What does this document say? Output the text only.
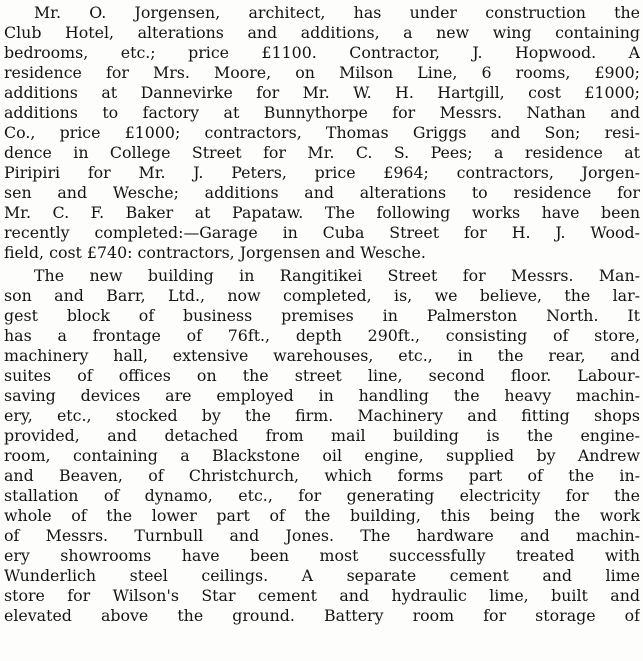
Mr. O. Jorgensen, architect, has under construction the
Club Hotel, alterations and additions, a new wing containing
bedrooms, etc.; price £1100. Contractor, J. Hopwood. A
residence for Mrs. Moore, on Milson Line, 6 rooms, £900;
additions at Dannevirke for Mr. W. H. Hartgill, cost £1000;
additions to factory at Bunnythorpe for Messrs. Nathan and
Co., price £1000; contractors, Thomas Griggs and Son; resi-
dence in College Street for Mr. C. S. Pees; a residence at
Piripiri for Mr. J. Peters, price £964; contractors, Jorgen-
sen and Wesche; additions and alterations to residence for
Mr. C. F. Baker at Papataw. The following works have been
recently completed:—Garage in Cuba Street for H. J. Wood-
field, cost £740: contractors, Jorgensen and Wesche.
The new building in Rangitikei Street for Messrs. Man-
son and Barr, Ltd., now completed, is, we believe, the lar-
gest block of business premises in Palmerston North. It
has a frontage of 76ft., depth 290ft., consisting of store,
machinery hall, extensive warehouses, etc., in the rear, and
suites of offices on the street line, second floor. Labour-
saving devices are employed in handling the heavy machin-
ery, etc., stocked by the firm. Machinery and fitting shops
provided, and detached from mail building is the engine-
room, containing a Blackstone oil engine, supplied by Andrew
and Beaven, of Christchurch, which forms part of the in-
stallation of dynamo, etc., for generating electricity for the
whole of the lower part of the building, this being the work
of Messrs. Turnbull and Jones. The hardware and machin-
ery showrooms have been most successfully treated with
Wunderlich steel ceilings. A separate cement and lime
store for Wilson's Star cement and hydraulic lime, built and
elevated above the ground. Battery room for storage of
